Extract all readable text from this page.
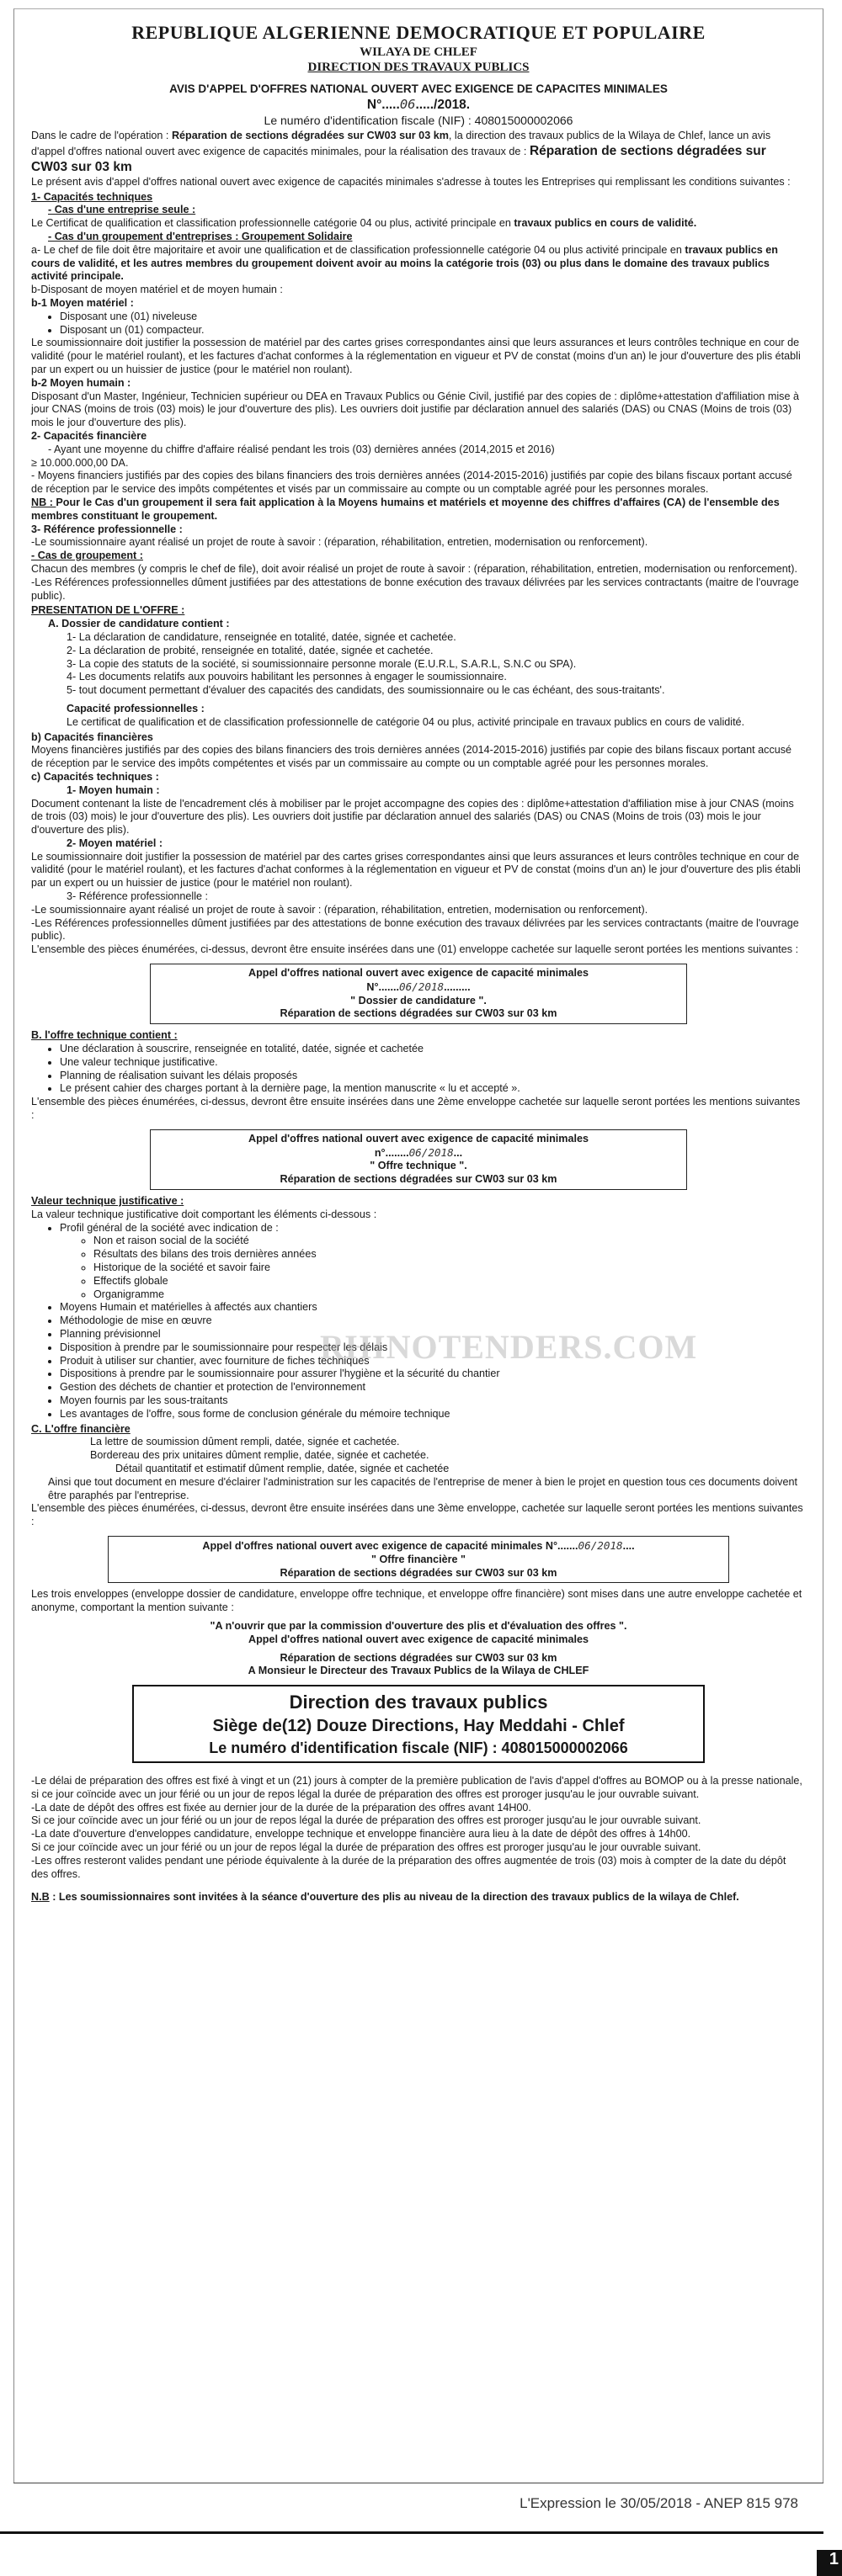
REPUBLIQUE ALGERIENNE DEMOCRATIQUE ET POPULAIRE
WILAYA DE CHLEF
DIRECTION DES TRAVAUX PUBLICS
AVIS D'APPEL D'OFFRES NATIONAL OUVERT AVEC EXIGENCE DE CAPACITES MINIMALES
N°.....06...../2018.
Le numéro d'identification fiscale (NIF) : 408015000002066

Dans le cadre de l'opération : Réparation de sections dégradées sur CW03 sur 03 km, la direction des travaux publics de la Wilaya de Chlef, lance un avis d'appel d'offres national ouvert avec exigence de capacités minimales, pour la réalisation des travaux de : Réparation de sections dégradées sur CW03 sur 03 km

Le présent avis d'appel d'offres national ouvert avec exigence de capacités minimales s'adresse à toutes les Entreprises qui remplissant les conditions suivantes :

1- Capacités techniques

- Cas d'une entreprise seule :

Le Certificat de qualification et classification professionnelle catégorie 04 ou plus, activité principale en travaux publics en cours de validité.

- Cas d'un groupement d'entreprises : Groupement Solidaire

a- Le chef de file doit être majoritaire et avoir une qualification et de classification professionnelle catégorie 04 ou plus activité principale en travaux publics en cours de validité, et les autres membres du groupement doivent avoir au moins la catégorie trois (03) ou plus dans le domaine des travaux publics activité principale.

b-Disposant de moyen matériel et de moyen humain :

b-1 Moyen matériel :

• Disposant une (01) niveleuse
• Disposant un (01) compacteur.

Le soumissionnaire doit justifier la possession de matériel par des cartes grises correspondantes ainsi que leurs assurances et leurs contrôles technique en cour de validité (pour le matériel roulant), et les factures d'achat conformes à la réglementation en vigueur et PV de constat (moins d'un an) le jour d'ouverture des plis établi par un expert ou un huissier de justice (pour le matériel non roulant).

b-2 Moyen humain :

Disposant d'un Master, Ingénieur, Technicien supérieur ou DEA en Travaux Publics ou Génie Civil, justifié par des copies de : diplôme+attestation d'affiliation mise à jour CNAS (moins de trois (03) mois) le jour d'ouverture des plis). Les ouvriers doit justifie par déclaration annuel des salariés (DAS) ou CNAS (Moins de trois (03) mois le jour d'ouverture des plis).

2- Capacités financière

- Ayant une moyenne du chiffre d'affaire réalisé pendant les trois (03) dernières années (2014,2015 et 2016)

≥ 10.000.000,00 DA.

- Moyens financiers justifiés par des copies des bilans financiers des trois dernières années (2014-2015-2016) justifiés par copie des bilans fiscaux portant accusé de réception par le service des impôts compétentes et visés par un commissaire au compte ou un comptable agréé pour les personnes morales.

NB : Pour le Cas d'un groupement il sera fait application à la Moyens humains et matériels et moyenne des chiffres d'affaires (CA) de l'ensemble des membres constituant le groupement.

3- Référence professionnelle :

-Le soumissionnaire ayant réalisé un projet de route à savoir : (réparation, réhabilitation, entretien, modernisation ou renforcement).

- Cas de groupement :

Chacun des membres (y compris le chef de file), doit avoir réalisé un projet de route à savoir : (réparation, réhabilitation, entretien, modernisation ou renforcement).

-Les Références professionnelles dûment justifiées par des attestations de bonne exécution des travaux délivrées par les services contractants (maitre de l'ouvrage public).

PRESENTATION DE L'OFFRE :

A. Dossier de candidature contient :

1- La déclaration de candidature, renseignée en totalité, datée, signée et cachetée.

2- La déclaration de probité, renseignée en totalité, datée, signée et cachetée.

3- La copie des statuts de la société, si soumissionnaire personne morale (E.U.R.L, S.A.R.L, S.N.C ou SPA).

4- Les documents relatifs aux pouvoirs habilitant les personnes à engager le soumissionnaire.

5- tout document permettant d'évaluer des capacités des candidats, des soumissionnaire ou le cas échéant, des sous-traitants'.

Capacité professionnelles :

Le certificat de qualification et de classification professionnelle de catégorie 04 ou plus, activité principale en travaux publics en cours de validité.

b) Capacités financières

Moyens financières justifiés par des copies des bilans financiers des trois dernières années (2014-2015-2016) justifiés par copie des bilans fiscaux portant accusé de réception par le service des impôts compétentes et visés par un commissaire au compte ou un comptable agréé pour les personnes morales.

c) Capacités techniques :

1- Moyen humain :

Document contenant la liste de l'encadrement clés à mobiliser par le projet accompagne des copies des : diplôme+attestation d'affiliation mise à jour CNAS (moins de trois (03) mois) le jour d'ouverture des plis). Les ouvriers doit justifie par déclaration annuel des salariés (DAS) ou CNAS (Moins de trois (03) mois le jour d'ouverture des plis).

2- Moyen matériel :

Le soumissionnaire doit justifier la possession de matériel par des cartes grises correspondantes ainsi que leurs assurances et leurs contrôles technique en cour de validité (pour le matériel roulant), et les factures d'achat conformes à la réglementation en vigueur et PV de constat (moins d'un an) le jour d'ouverture des plis établi par un expert ou un huissier de justice (pour le matériel non roulant).

3- Référence professionnelle :

-Le soumissionnaire ayant réalisé un projet de route à savoir : (réparation, réhabilitation, entretien, modernisation ou renforcement).

-Les Références professionnelles dûment justifiées par des attestations de bonne exécution des travaux délivrées par les services contractants (maitre de l'ouvrage public).

L'ensemble des pièces énumérées, ci-dessus, devront être ensuite insérées dans une (01) enveloppe cachetée sur laquelle seront portées les mentions suivantes :

Appel d'offres national ouvert avec exigence de capacité minimales
N°.......06/2018.........
" Dossier de candidature ".
Réparation de sections dégradées sur CW03 sur 03 km

B. l'offre technique contient :

• Une déclaration à souscrire, renseignée en totalité, datée, signée et cachetée
• Une valeur technique justificative.
• Planning de réalisation suivant les délais proposés
• Le présent cahier des charges portant à la dernière page, la mention manuscrite « lu et accepté ».

L'ensemble des pièces énumérées, ci-dessus, devront être ensuite insérées dans une 2ème enveloppe cachetée sur laquelle seront portées les mentions suivantes :

Appel d'offres national ouvert avec exigence de capacité minimales
n°........06/2018...
" Offre technique ".
Réparation de sections dégradées sur CW03 sur 03 km

Valeur technique justificative :

La valeur technique justificative doit comportant les éléments ci-dessous :

• Profil général de la société avec indication de :
◦ Non et raison social de la société
◦ Résultats des bilans des trois dernières années
◦ Historique de la société et savoir faire
◦ Effectifs globale
◦ Organigramme
• Moyens Humain et matérielles à affectés aux chantiers
• Méthodologie de mise en œuvre
• Planning prévisionnel
• Disposition à prendre par le soumissionnaire pour respecter les délais
• Produit à utiliser sur chantier, avec fourniture de fiches techniques
• Dispositions à prendre par le soumissionnaire pour assurer l'hygiène et la sécurité du chantier
• Gestion des déchets de chantier et protection de l'environnement
• Moyen fournis par les sous-traitants
• Les avantages de l'offre, sous forme de conclusion générale du mémoire technique

C. L'offre financière

La lettre de soumission dûment rempli, datée, signée et cachetée.

Bordereau des prix unitaires dûment remplie, datée, signée et cachetée.

Détail quantitatif et estimatif dûment remplie, datée, signée et cachetée

Ainsi que tout document en mesure d'éclairer l'administration sur les capacités de l'entreprise de mener à bien le projet en question tous ces documents doivent être paraphés par l'entreprise.

L'ensemble des pièces énumérées, ci-dessus, devront être ensuite insérées dans une 3ème enveloppe, cachetée sur laquelle seront portées les mentions suivantes :

Appel d'offres national ouvert avec exigence de capacité minimales N°.......06/2018....
" Offre financière "
Réparation de sections dégradées sur CW03 sur 03 km

Les trois enveloppes (enveloppe dossier de candidature, enveloppe offre technique, et enveloppe offre financière) sont mises dans une autre enveloppe cachetée et anonyme, comportant la mention suivante :

"A n'ouvrir que par la commission d'ouverture des plis et d'évaluation des offres ".

Appel d'offres national ouvert avec exigence de capacité minimales

Réparation de sections dégradées sur CW03 sur 03 km

A Monsieur le Directeur des Travaux Publics de la Wilaya de CHLEF

Direction des travaux publics
Siège de(12) Douze Directions, Hay Meddahi - Chlef
Le numéro d'identification fiscale (NIF) : 408015000002066

-Le délai de préparation des offres est fixé à vingt et un (21) jours à compter de la première publication de l'avis d'appel d'offres au BOMOP ou à la presse nationale, si ce jour coïncide avec un jour férié ou un jour de repos légal la durée de préparation des offres est proroger jusqu'au le jour ouvrable suivant.

-La date de dépôt des offres est fixée au dernier jour de la durée de la préparation des offres avant 14H00.

Si ce jour coïncide avec un jour férié ou un jour de repos légal la durée de préparation des offres est proroger jusqu'au le jour ouvrable suivant.

-La date d'ouverture d'enveloppes candidature, enveloppe technique et enveloppe financière aura lieu à la date de dépôt des offres à 14h00.

Si ce jour coïncide avec un jour férié ou un jour de repos légal la durée de préparation des offres est proroger jusqu'au le jour ouvrable suivant.

-Les offres resteront valides pendant une période équivalente à la durée de la préparation des offres augmentée de trois (03) mois à compter de la date du dépôt des offres.

N.B : Les soumissionnaires sont invitées à la séance d'ouverture des plis au niveau de la direction des travaux publics de la wilaya de Chlef.

RHINOTENDERS.COM
L'Expression le 30/05/2018 - ANEP 815 978
1
